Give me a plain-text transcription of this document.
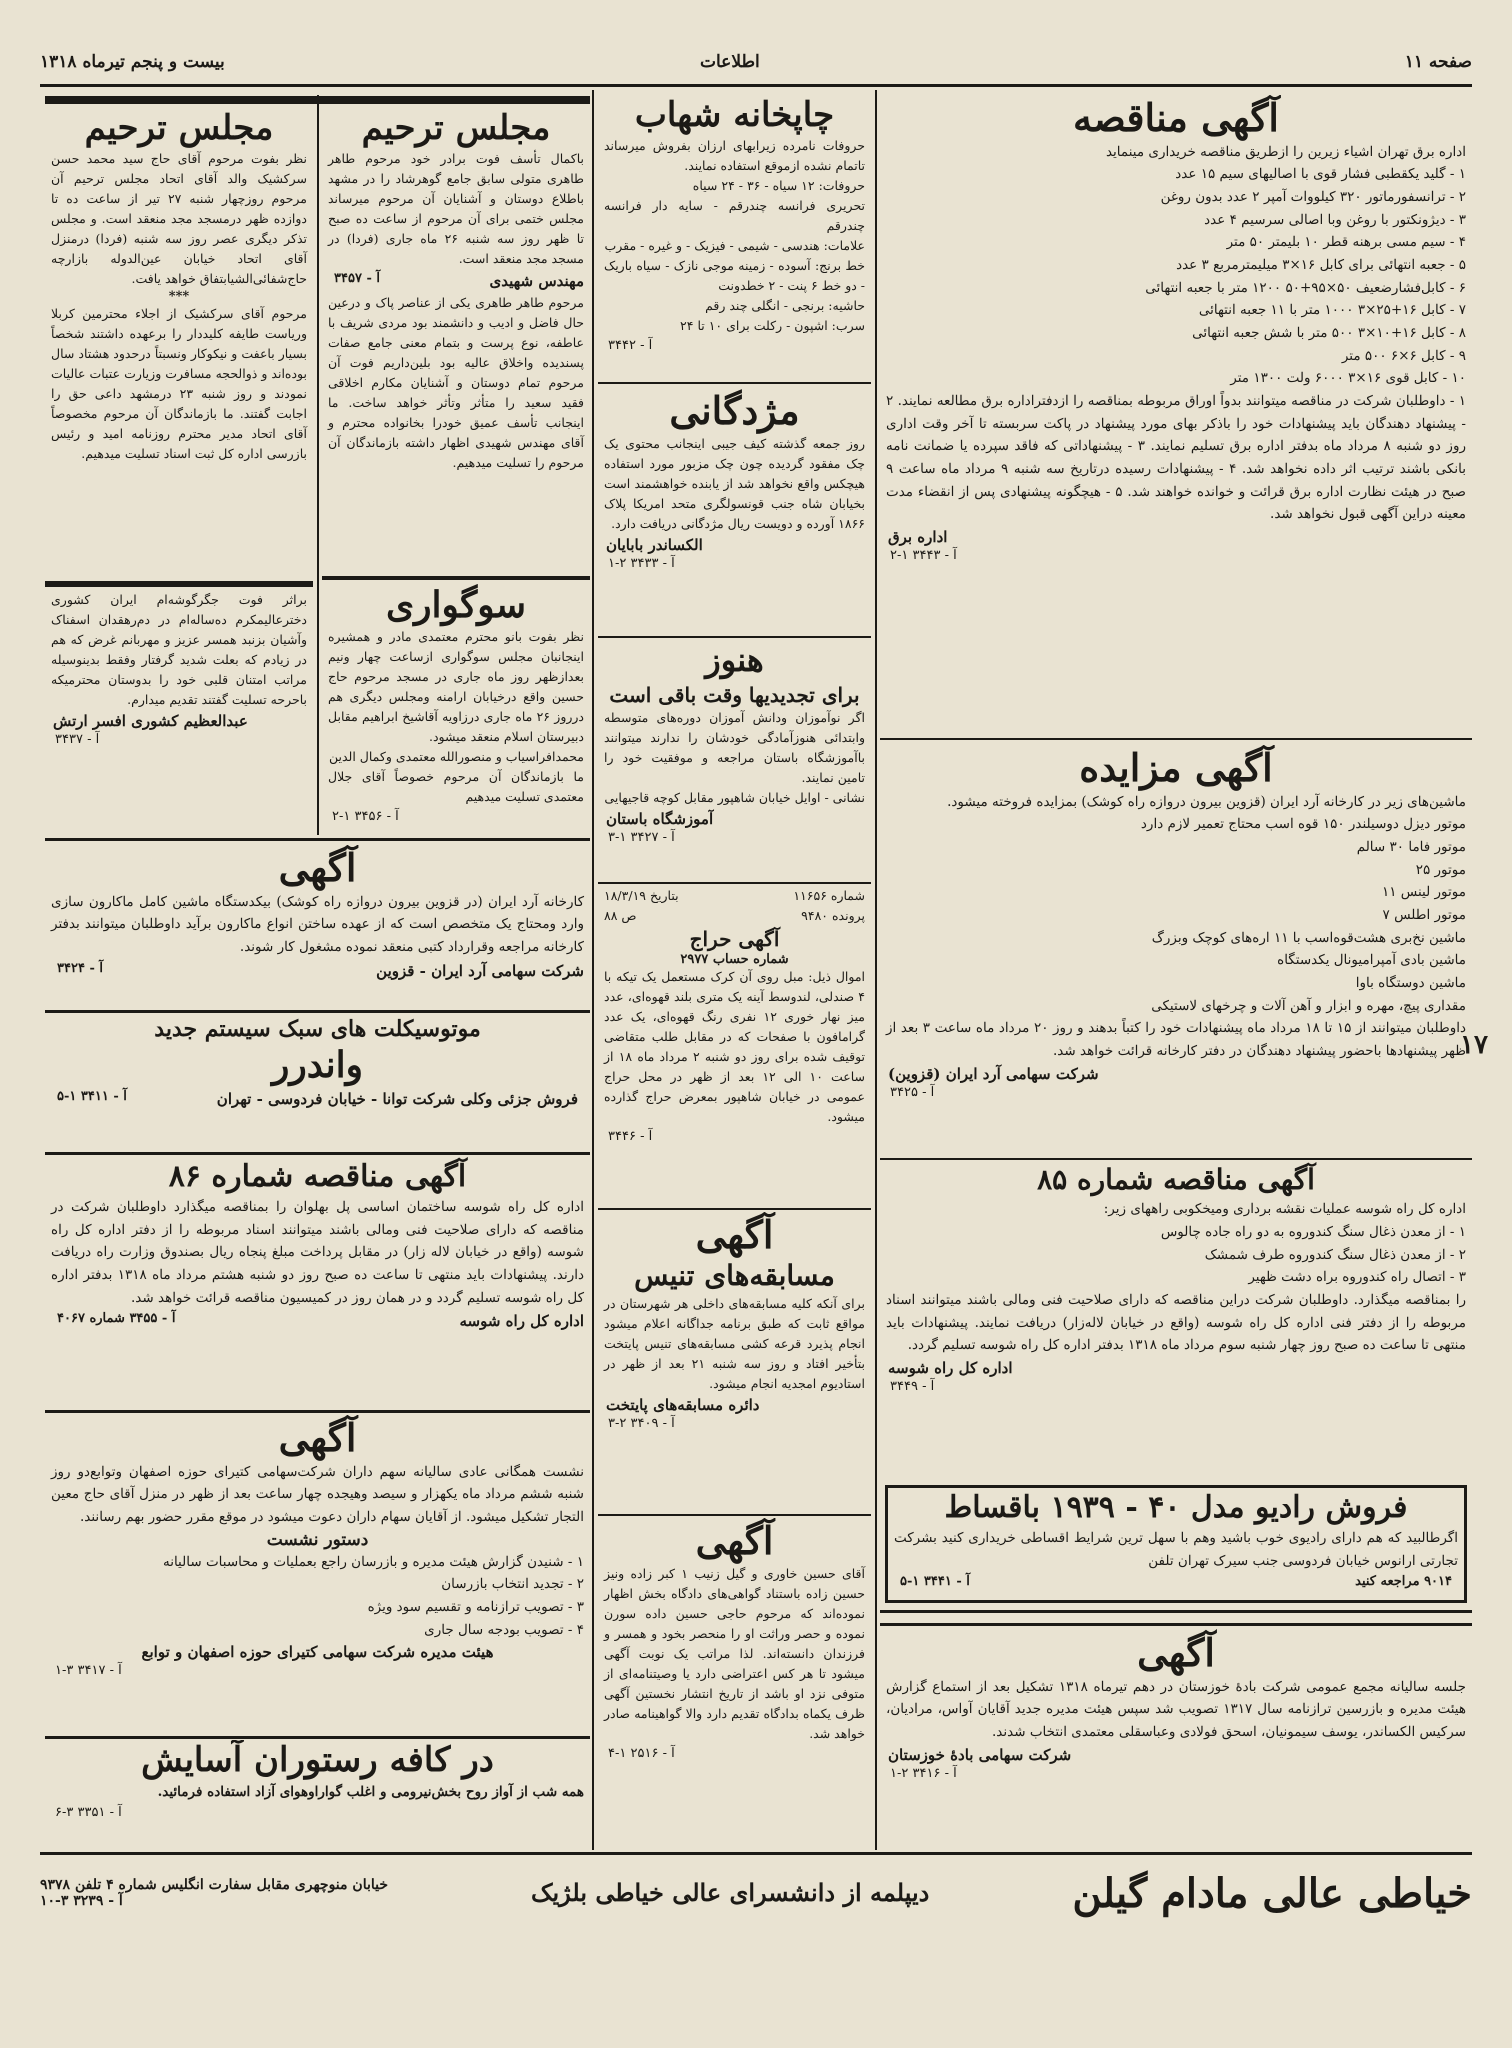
صفحه ۱۱
اطلاعات
بیست و پنجم تیرماه ۱۳۱۸
۱۷
آگهی مناقصه
اداره برق تهران اشیاء زیرین را ازطریق مناقصه خریداری مینماید
۱ - گلید یکقطبی فشار قوی با اصالیهای سیم ۱۵ عدد
۲ - ترانسفورماتور ۳۲۰ کیلووات آمپر ۲ عدد بدون روغن
۳ - دیژونکتور با روغن وبا اصالی سرسیم ۴ عدد
۴ - سیم مسی برهنه قطر ۱۰ بلیمتر ۵۰ متر
۵ - جعبه انتهائی برای کابل ۱۶×۳ میلیمترمربع ۳ عدد
۶ - کابل‌فشارضعیف ۵۰×۹۵+۵۰ ۱۲۰۰ متر با جعبه انتهائی
۷ - کابل ۱۶+۲۵×۳ ۱۰۰۰ متر با ۱۱ جعبه انتهائی
۸ - کابل ۱۶+۱۰×۳ ۵۰۰ متر با شش جعبه انتهائی
۹ - کابل ۶×۶ ۵۰۰ متر
۱۰ - کابل قوی ۱۶×۳ ۶۰۰۰ ولت ۱۳۰۰ متر
۱ - داوطلبان شرکت در مناقصه میتوانند بدواً اوراق مربوطه بمناقصه را ازدفتراداره برق مطالعه نمایند. ۲ - پیشنهاد دهندگان باید پیشنهادات خود را باذکر بهای مورد پیشنهاد در پاکت سربسته تا آخر وقت اداری روز دو شنبه ۸ مرداد ماه بدفتر اداره برق تسلیم نمایند. ۳ - پیشنهاداتی که فاقد سپرده یا ضمانت نامه بانکی باشند ترتیب اثر داده نخواهد شد. ۴ - پیشنهادات رسیده درتاریخ سه شنبه ۹ مرداد ماه ساعت ۹ صبح در هیئت نظارت اداره برق قرائت و خوانده خواهند شد. ۵ - هیچگونه پیشنهادی پس از انقضاء مدت معینه دراین آگهی قبول نخواهد شد.
اداره برق
آ - ۳۴۴۳ ۱-۲
آگهی مزایده
ماشین‌های زیر در کارخانه آرد ایران (قزوین بیرون دروازه راه کوشک) بمزایده فروخته میشود.
موتور دیزل دوسیلندر ۱۵۰ قوه اسب محتاج تعمیر لازم دارد
موتور فاما ۳۰ سالم
موتور ۲۵
موتور لینس ۱۱
موتور اطلس ۷
ماشین نخ‌بری هشت‌قوه‌اسب با ۱۱ اره‌های کوچک وبزرگ
ماشین بادی آمپرامیونال یکدستگاه
ماشین دو‌ستگاه باوا
مقداری پیچ، مهره و ابزار و آهن آلات و چرخهای لاستیکی
داوطلبان میتوانند از ۱۵ تا ۱۸ مرداد ماه پیشنهادات خود را کتباً بدهند و روز ۲۰ مرداد ماه ساعت ۳ بعد از ظهر پیشنهادها باحضور پیشنهاد دهندگان در دفتر کارخانه قرائت خواهد شد.
شرکت سهامی آرد ایران (قزوین)
آ - ۳۴۲۵
آگهی مناقصه شماره ۸۵
اداره کل راه شوسه عملیات نقشه برداری ومیخکوبی راههای زیر:
۱ - از معدن ذغال سنگ کندوروه به دو راه جاده چالوس
۲ - از معدن ذغال سنگ کندوروه طرف شمشک
۳ - اتصال راه کندوروه براه دشت ظهیر
را بمناقصه میگذارد. داوطلبان شرکت دراین مناقصه که دارای صلاحیت فنی ومالی باشند میتوانند اسناد مربوطه را از دفتر فنی اداره کل راه شوسه (واقع در خیابان لاله‌زار) دریافت نمایند. پیشنهادات باید منتهی تا ساعت ده صبح روز چهار شنبه سوم مرداد ماه ۱۳۱۸ بدفتر اداره کل راه شوسه تسلیم گردد.
اداره کل راه شوسه
آ - ۳۴۴۹
فروش رادیو مدل ۴۰ - ۱۹۳۹ باقساط
اگرطالبید که هم دارای رادیوی خوب باشید وهم با سهل ترین شرایط اقساطی خریداری کنید بشرکت تجارتی ارانوس خیابان فردوسی جنب سیرک تهران تلفن
۹۰۱۴ مراجعه کنید
آ - ۳۴۴۱ ۱-۵
آگهی
جلسه سالیانه مجمع عمومی شرکت بادهٔ خوزستان در دهم تیرماه ۱۳۱۸ تشکیل بعد از استماع گزارش هیئت مدیره و بازرسین ترازنامه سال ۱۳۱۷ تصویب شد سپس هیئت مدیره جدید آقایان آواس، مرادیان، سرکیس الکساندر، یوسف سیمونیان، اسحق فولادی وعباسقلی معتمدی انتخاب شدند.
شرکت سهامی بادهٔ خوزستان
آ - ۳۴۱۶ ۲-۱
چاپخانه شهاب
حروفات نامرده زیرابهای ارزان بفروش میرساند تاتمام نشده ازموقع استفاده نمایند.
حروفات: ۱۲ سیاه - ۳۶ - ۲۴ سیاه
تحریری فرانسه چندرقم - سایه دار فرانسه چندرقم
علامات: هندسی - شیمی - فیزیک - و غیره - مقرب
خط برنج: آسوده - زمینه موجی نازک - سیاه باریک - دو خط ۶ پنت - ۲ خطدونت
حاشیه: برنجی - انگلی چند رقم
سرب: اشپون - رکلت برای ۱۰ تا ۲۴
آ - ۳۴۴۲
مژدگانی
روز جمعه گذشته کیف جیبی اینجانب محتوی یک چک مفقود گردیده چون چک مزبور مورد استفاده هیچکس واقع نخواهد شد از یابنده خواهشمند است بخیابان شاه جنب قونسولگری متحد امریکا پلاک ۱۸۶۶ آورده و دویست ریال مژدگانی دریافت دارد.
الکساندر بابایان
آ - ۳۴۳۳ ۲-۱
هنوز
برای تجدیدیها وقت باقی است
اگر نوآموزان ودانش آموزان دوره‌های متوسطه وابتدائی هنوزآمادگی خودشان را ندارند میتوانند باآموزشگاه باستان مراجعه و موفقیت خود را تامین نمایند.
نشانی - اوایل خیابان شاهپور مقابل کوچه قاجیهایی
آموزشگاه باستان
آ - ۳۴۲۷ ۱-۳
شماره ۱۱۶۵۶
بتاریخ ۱۸/۳/۱۹
پرونده ۹۴۸۰
ص ۸۸
آگهی حراج
شماره حساب ۲۹۷۷
اموال ذیل: مبل روی آن کرک مستعمل یک تیکه با ۴ صندلی، لندوسط آینه یک متری بلند قهوه‌ای، عدد میز نهار خوری ۱۲ نفری رنگ قهوه‌ای، یک عدد گرامافون با صفحات که در مقابل طلب متقاضی توقیف شده برای روز دو شنبه ۲ مرداد ماه ۱۸ از ساعت ۱۰ الی ۱۲ بعد از ظهر در محل حراج عمومی در خیابان شاهپور بمعرض حراج گذارده میشود.
آ - ۳۴۴۶
آگهی
مسابقه‌های تنیس
برای آنکه کلیه مسابقه‌های داخلی هر شهرستان در مواقع ثابت که طبق برنامه جداگانه اعلام میشود انجام پذیرد قرعه کشی مسابقه‌های تنیس پایتخت بتأخیر افتاد و روز سه شنبه ۲۱ بعد از ظهر در استادیوم امجدیه انجام میشود.
دائره مسابقه‌های پایتخت
آ - ۳۴۰۹ ۲-۳
آگهی
آقای حسین خاوری و گیل زنیب ۱ کبر زاده ونیز حسین زاده باستناد گواهی‌های دادگاه بخش اظهار نموده‌اند که مرحوم حاجی حسین داده سورن نموده و حصر وراثت او را منحصر بخود و همسر و فرزندان دانسته‌اند. لذا مراتب یک نوبت آگهی میشود تا هر کس اعتراضی دارد یا وصیتنامه‌ای از متوفی نزد او باشد از تاریخ انتشار نخستین آگهی ظرف یکماه بدادگاه تقدیم دارد والا گواهینامه صادر خواهد شد.
آ - ۲۵۱۶ ۱-۴
مجلس ترحیم
باکمال تأسف فوت برادر خود مرحوم طاهر طاهری متولی سابق جامع گوهرشاد را در مشهد باطلاع دوستان و آشنایان آن مرحوم میرساند مجلس ختمی برای آن مرحوم از ساعت ده صبح تا ظهر روز سه شنبه ۲۶ ماه جاری (فردا) در مسجد مجد منعقد است.
مهندس شهیدی
آ - ۳۴۵۷
مرحوم طاهر طاهری یکی از عناصر پاک و درعین حال فاضل و ادیب و دانشمند بود مردی شریف با عاطفه، نوع پرست و بتمام معنی جامع صفات پسندیده واخلاق عالیه بود بلین‌داریم فوت آن مرحوم تمام دوستان و آشنایان مکارم اخلاقی فقید سعید را متأثر وتأثر خواهد ساخت. ما اینجانب تأسف عمیق خودرا بخانواده محترم و آقای مهندس شهیدی اظهار داشته بازماندگان آن مرحوم را تسلیت میدهیم.
سوگواری
نظر بفوت بانو محترم معتمدی مادر و همشیره اینجانبان مجلس سوگواری ازساعت چهار ونیم بعدازظهر روز ماه جاری در مسجد مرحوم حاج حسین واقع درخیابان ارامنه ومجلس دیگری هم درروز ۲۶ ماه جاری درزاویه آقاشیخ ابراهیم مقابل دبیرستان اسلام منعقد میشود.
محمدافراسیاب و منصورالله معتمدی وکمال الدین
ما بازماندگان آن مرحوم خصوصاً آقای جلال معتمدی تسلیت میدهیم
آ - ۳۴۵۶ ۱-۲
مجلس ترحیم
نظر بفوت مرحوم آقای حاج سید محمد حسن سرکشیک والد آقای اتحاد مجلس ترحیم آن مرحوم روزچهار شنبه ۲۷ تیر از ساعت ده تا دوازده ظهر درمسجد مجد منعقد است. و مجلس تذکر دیگری عصر روز سه شنبه (فردا) درمنزل آقای اتحاد خیابان عین‌الدوله بازارچه حاج‌شفائی‌الشیابتفاق خواهد یافت.
***
مرحوم آقای سرکشیک از اجلاء محترمین کربلا وریاست طایفه کلیددار را برعهده داشتند شخصاً بسیار باعفت و نیکوکار ونسبتاً درحدود هشتاد سال بوده‌اند و ذوالحجه مسافرت وزیارت عتبات عالیات نمودند و روز شنبه ۲۳ درمشهد داعی حق را اجابت گفتند. ما بازماندگان آن مرحوم مخصوصاً آقای اتحاد مدیر محترم روزنامه امید و رئیس بازرسی اداره کل ثبت اسناد تسلیت میدهیم.
براثر فوت جگرگوشه‌ام ایران کشوری دخترعالیمکرم ده‌ساله‌ام در دم‌رهقدان اسفناک وآشیان بزنبد همسر عزیز و مهربانم غرض که هم در زیادم که بعلت شدید گرفتار وفقط بدینوسیله مراتب امتنان قلبی خود را بدوستان محترمیکه باحرحه تسلیت گفتند تقدیم میدارم.
عبدالعظیم کشوری افسر ارتش
آ - ۳۴۳۷
آگهی
کارخانه آرد ایران (در قزوین بیرون دروازه راه کوشک) بیکدستگاه ماشین کامل ماکارون سازی وارد ومحتاج یک متخصص است که از عهده ساختن انواع ماکارون برآید داوطلبان میتوانند بدفتر کارخانه مراجعه وقرارداد کتبی منعقد نموده مشغول کار شوند.
شرکت سهامی آرد ایران - قزوین
آ - ۳۴۲۴
موتوسیکلت های سبک سیستم جدید
واندرر
فروش جزئی وکلی شرکت توانا - خیابان فردوسی - تهران
آ - ۳۴۱۱ ۱-۵
آگهی مناقصه شماره ۸۶
اداره کل راه شوسه ساختمان اساسی پل بهلوان را بمناقصه میگذارد داوطلبان شرکت در مناقصه که دارای صلاحیت فنی ومالی باشند میتوانند اسناد مربوطه را از دفتر اداره کل راه شوسه (واقع در خیابان لاله زار) در مقابل پرداخت مبلغ پنجاه ریال بصندوق وزارت راه دریافت دارند. پیشنهادات باید منتهی تا ساعت ده صبح روز دو شنبه هشتم مرداد ماه ۱۳۱۸ بدفتر اداره کل راه شوسه تسلیم گردد و در همان روز در کمیسیون مناقصه قرائت خواهد شد.
اداره کل راه شوسه
آ - ۳۴۵۵ شماره ۴۰۶۷
آگهی
نشست همگانی عادی سالیانه سهم داران شرکت‌سهامی کتیرای حوزه اصفهان وتوابع‌دو روز شنبه ششم مرداد ماه یکهزار و سیصد وهیجده چهار ساعت بعد از ظهر در منزل آقای حاج معین التجار تشکیل میشود. از آقایان سهام داران دعوت میشود در موقع مقرر حضور بهم رسانند.
دستور نشست
۱ - شنیدن گزارش هیئت مدیره و بازرسان راجع بعملیات و محاسبات سالیانه
۲ - تجدید انتخاب بازرسان
۳ - تصویب ترازنامه و تقسیم سود ویژه
۴ - تصویب بودجه سال جاری
هیئت مدیره شرکت سهامی کتیرای حوزه اصفهان و توابع
آ - ۳۴۱۷ ۳-۱
در کافه رستوران آسایش
همه شب از آواز روح بخش‌نیرومی و اغلب گواراوهوای آزاد استفاده فرمائید.
آ - ۳۳۵۱ ۳-۶
خیاطی عالی مادام گیلن
دیپلمه از دانشسرای عالی خیاطی بلژیک
خیابان منوچهری مقابل سفارت انگلیس شماره ۴ تلفن ۹۳۷۸
آ - ۳۲۳۹ ۳-۱۰
